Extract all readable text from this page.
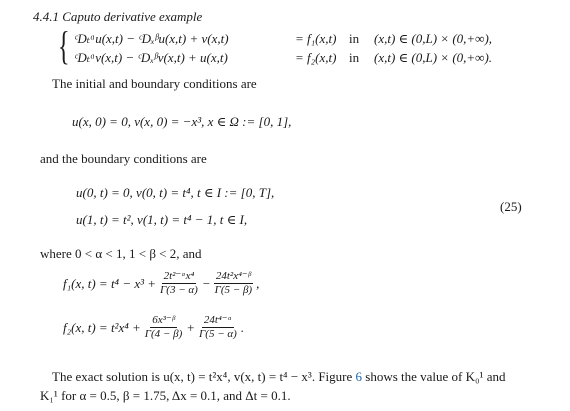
4.4.1 Caputo derivative example
{ ᶜDₜᵅu(x,t) − ᶜDₓᵝu(x,t) + v(x,t)	= f₁(x,t) in (x,t) ∈ (0,L) × (0,+∞),
ᶜDₜᵅv(x,t) − ᶜDₓᵝv(x,t) + u(x,t)	= f₂(x,t) in (x,t) ∈ (0,L) × (0,+∞).
The initial and boundary conditions are
u(x, 0) = 0, v(x, 0) = −x³, x ∈ Ω := [0, 1],
and the boundary conditions are
u(0, t) = 0, v(0, t) = t⁴, t ∈ I := [0, T],
u(1, t) = t², v(1, t) = t⁴ − 1, t ∈ I,
(25)
where 0 < α < 1, 1 < β < 2, and
f₁(x, $t) = t^4 - x^3 + \frac{\text{2t²⁻ᵅx⁴}}{\Gamma(3 - \alpha)} - \frac{\text{24t²x⁴⁻ᵝ}}{\Gamma(5 - \beta)}$ ,
f₂(x, $t) = t^2x^4 + \frac{\text{6x³⁻ᵝ}}{\Gamma(4 - \beta)} + \frac{\text{24t⁴⁻ᵅ}}{\Gamma(5 - \alpha)}$ .
The exact solution is u(x, t) = t²x⁴, v(x, t) = t⁴ − x³. Figure 6 shows the value of K₀¹ and
K₁¹ for α = 0.5, β = 1.75, Δx = 0.1, and Δt = 0.1.
